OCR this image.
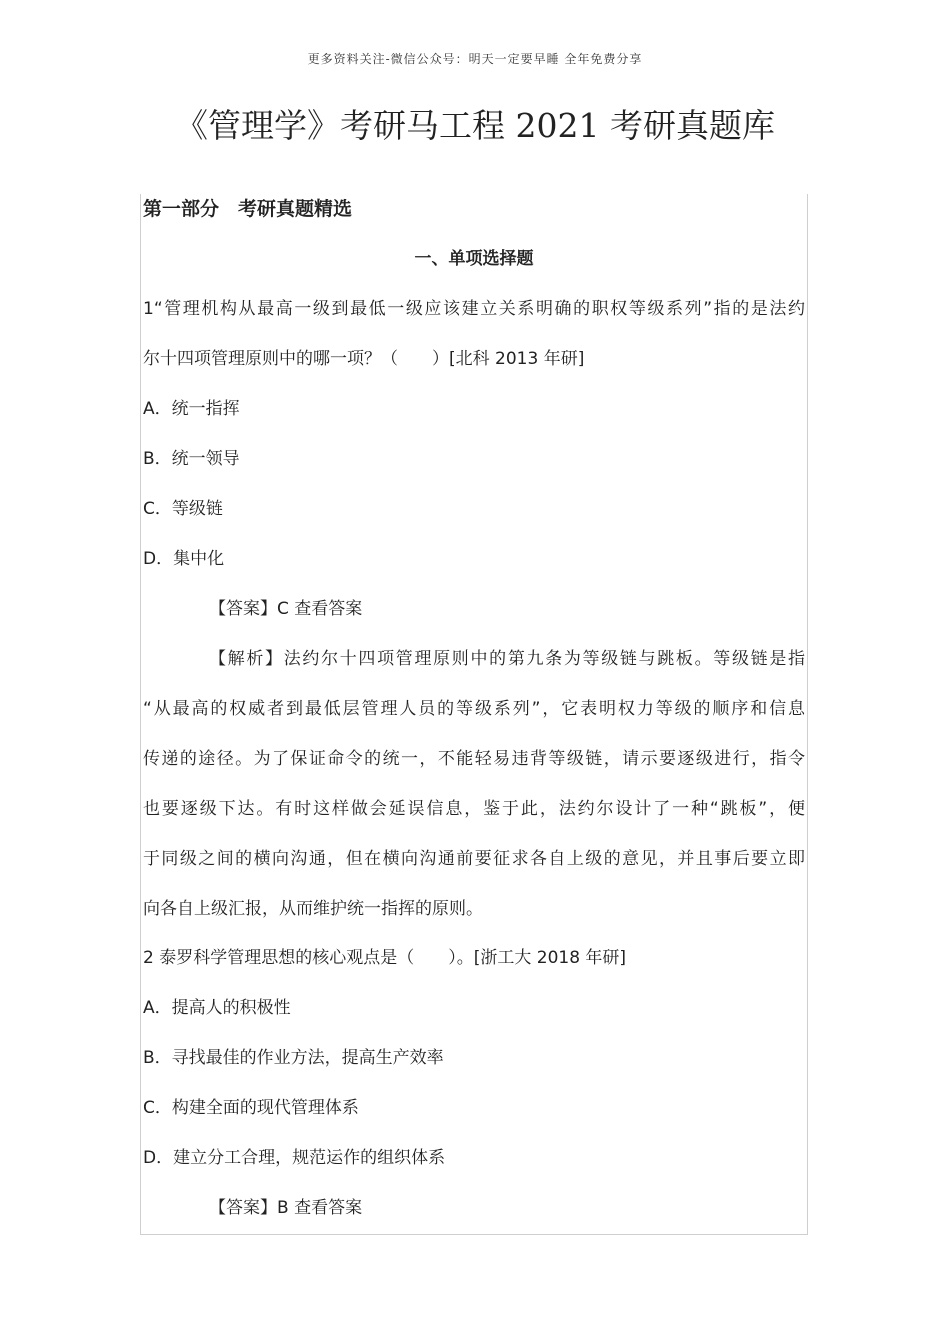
更多资料关注-微信公众号：明天一定要早睡 全年免费分享
《管理学》考研马工程 2021 考研真题库
第一部分　考研真题精选
一、单项选择题
1“管理机构从最高一级到最低一级应该建立关系明确的职权等级系列”指的是法约
尔十四项管理原则中的哪一项？（　　）[北科 2013 年研]
A．统一指挥
B．统一领导
C．等级链
D．集中化
【答案】C 查看答案
【解析】法约尔十四项管理原则中的第九条为等级链与跳板。等级链是指
“从最高的权威者到最低层管理人员的等级系列”，它表明权力等级的顺序和信息
传递的途径。为了保证命令的统一，不能轻易违背等级链，请示要逐级进行，指令
也要逐级下达。有时这样做会延误信息，鉴于此，法约尔设计了一种“跳板”，便
于同级之间的横向沟通，但在横向沟通前要征求各自上级的意见，并且事后要立即
向各自上级汇报，从而维护统一指挥的原则。
2 泰罗科学管理思想的核心观点是（　　）。[浙工大 2018 年研]
A．提高人的积极性
B．寻找最佳的作业方法，提高生产效率
C．构建全面的现代管理体系
D．建立分工合理，规范运作的组织体系
【答案】B 查看答案
